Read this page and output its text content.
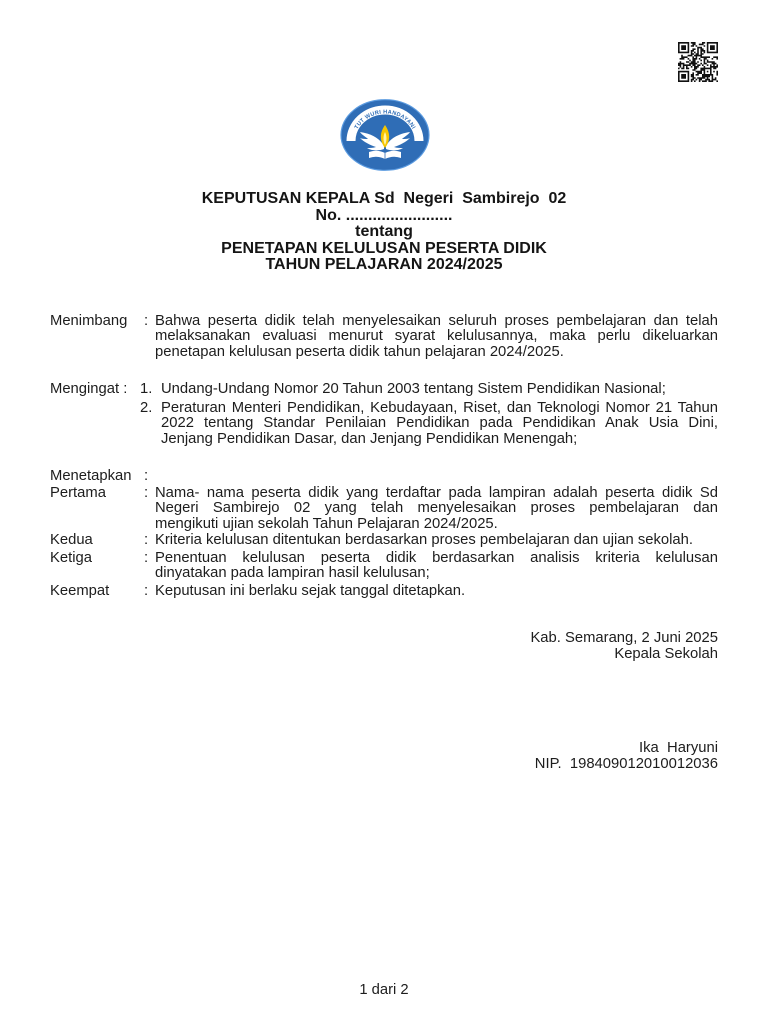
TUT WURI HANDAYANI
KEPUTUSAN KEPALA Sd  Negeri  Sambirejo  02
No. ........................
tentang
PENETAPAN KELULUSAN PESERTA DIDIK
TAHUN PELAJARAN 2024/2025
Menimbang : Bahwa peserta didik telah menyelesaikan seluruh proses pembelajaran dan telah
melaksanakan evaluasi menurut syarat kelulusannya, maka perlu dikeluarkan
penetapan kelulusan peserta didik tahun pelajaran 2024/2025.
Mengingat : 1. Undang-Undang Nomor 20 Tahun 2003 tentang Sistem Pendidikan Nasional;
2. Peraturan Menteri Pendidikan, Kebudayaan, Riset, dan Teknologi Nomor 21 Tahun
2022 tentang Standar Penilaian Pendidikan pada Pendidikan Anak Usia Dini,
Jenjang Pendidikan Dasar, dan Jenjang Pendidikan Menengah;
Menetapkan :
Pertama	: Nama- nama peserta didik yang terdaftar pada lampiran adalah peserta didik Sd
Negeri Sambirejo 02 yang telah menyelesaikan proses pembelajaran dan
mengikuti ujian sekolah Tahun Pelajaran 2024/2025.
Kedua	: Kriteria kelulusan ditentukan berdasarkan proses pembelajaran dan ujian sekolah.
Ketiga	: Penentuan kelulusan peserta didik berdasarkan analisis kriteria kelulusan
dinyatakan pada lampiran hasil kelulusan;
Keempat : Keputusan ini berlaku sejak tanggal ditetapkan.
Kab. Semarang, 2 Juni 2025
Kepala Sekolah
Ika  Haryuni
NIP.  198409012010012036
1 dari 2
